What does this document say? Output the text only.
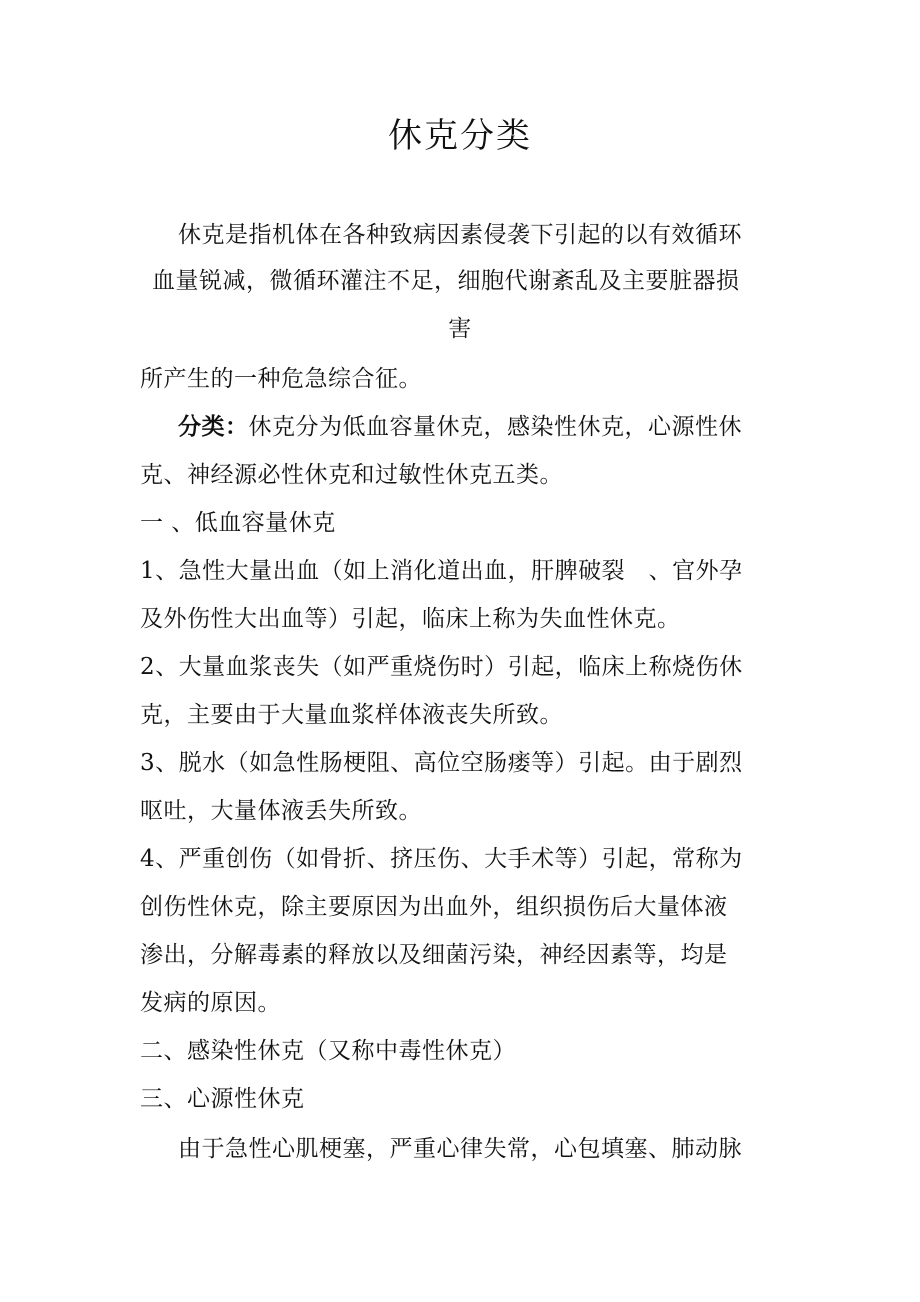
休克分类
休克是指机体在各种致病因素侵袭下引起的以有效循环
血量锐减，微循环灌注不足，细胞代谢紊乱及主要脏器损
害
所产生的一种危急综合征。
分类：休克分为低血容量休克，感染性休克，心源性休
克、神经源必性休克和过敏性休克五类。
一 、低血容量休克
1、急性大量出血（如上消化道出血，肝脾破裂　、官外孕
及外伤性大出血等）引起，临床上称为失血性休克。
2、大量血浆丧失（如严重烧伤时）引起，临床上称烧伤休
克，主要由于大量血浆样体液丧失所致。
3、脱水（如急性肠梗阻、高位空肠瘘等）引起。由于剧烈
呕吐，大量体液丢失所致。
4、严重创伤（如骨折、挤压伤、大手术等）引起，常称为
创伤性休克，除主要原因为出血外，组织损伤后大量体液
渗出，分解毒素的释放以及细菌污染，神经因素等，均是
发病的原因。
二、感染性休克（又称中毒性休克）
三、心源性休克
由于急性心肌梗塞，严重心律失常，心包填塞、肺动脉
